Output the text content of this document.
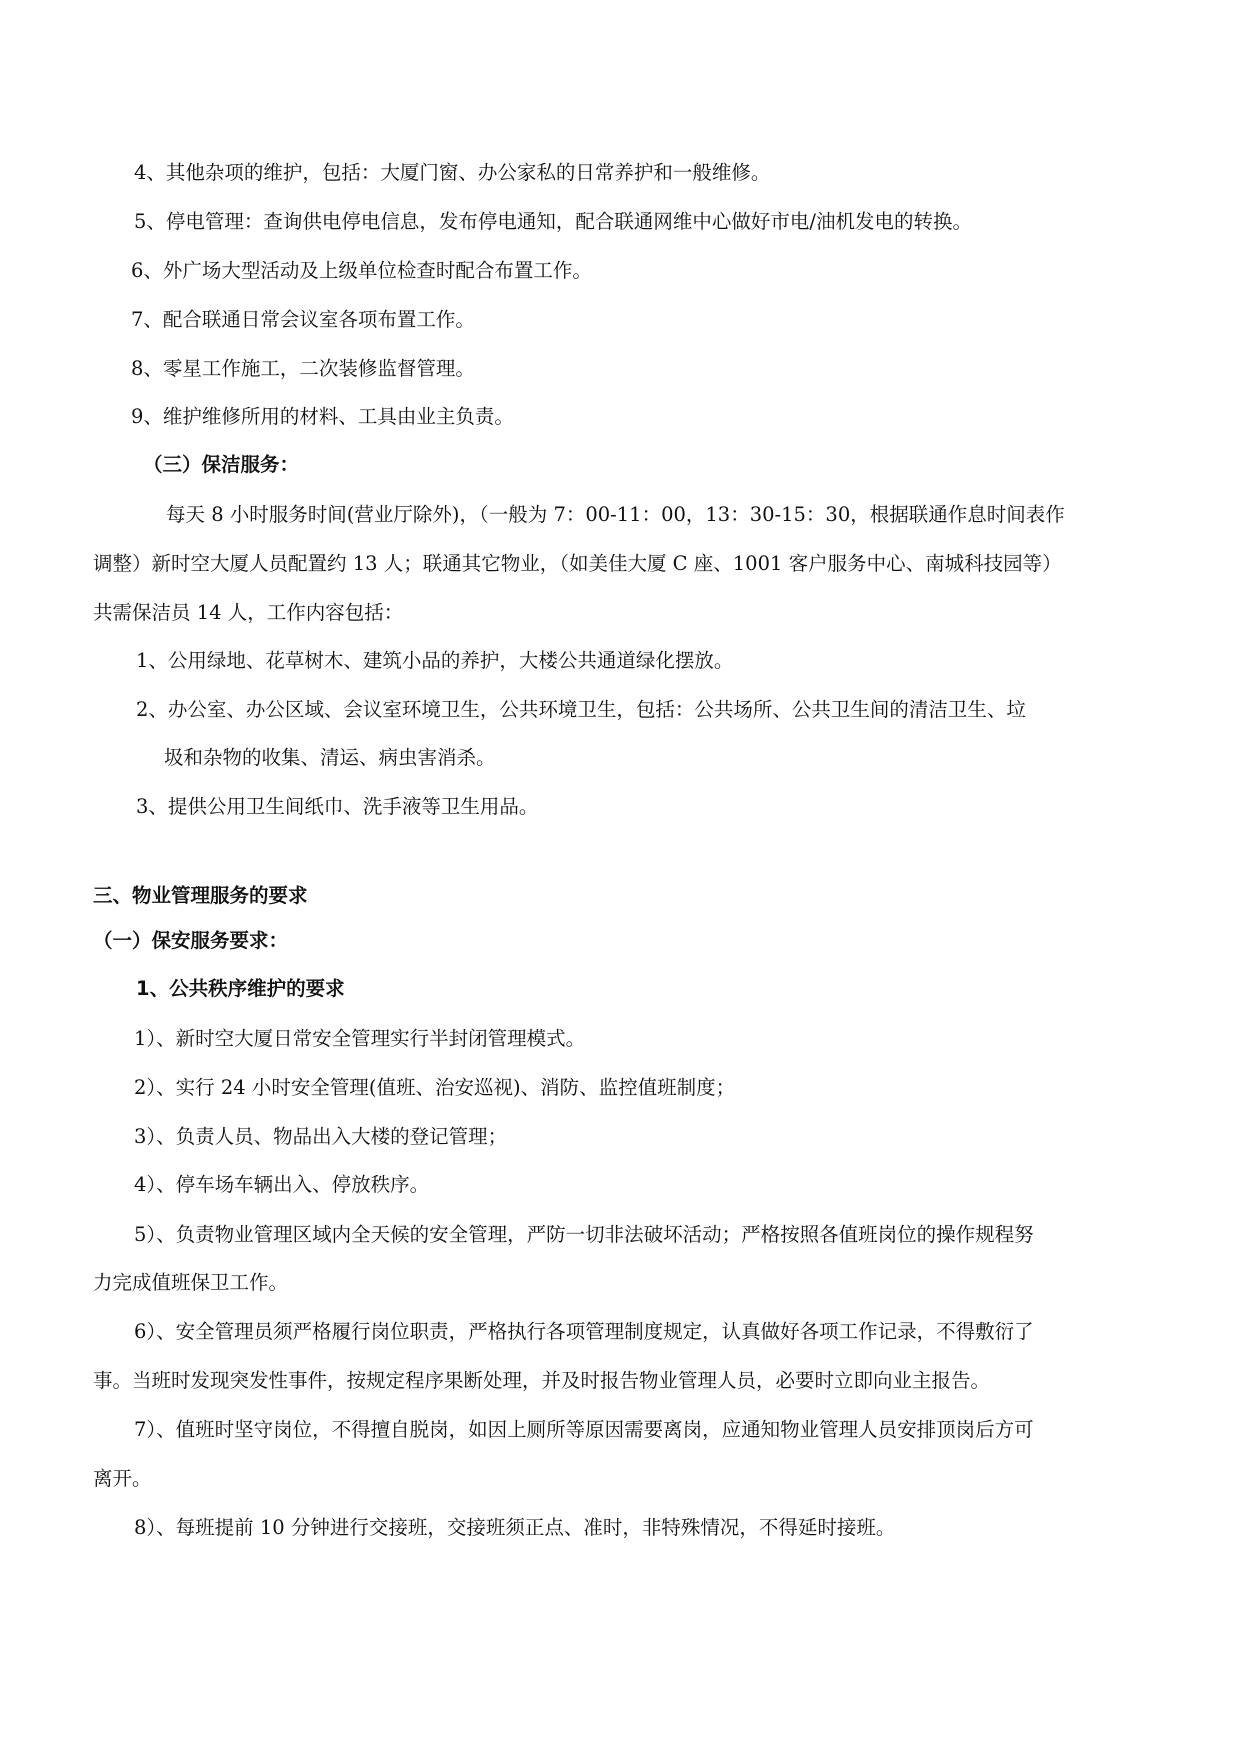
4、其他杂项的维护，包括：大厦门窗、办公家私的日常养护和一般维修。
5、停电管理：查询供电停电信息，发布停电通知，配合联通网维中心做好市电/油机发电的转换。
6、外广场大型活动及上级单位检查时配合布置工作。
7、配合联通日常会议室各项布置工作。
8、零星工作施工，二次装修监督管理。
9、维护维修所用的材料、工具由业主负责。
（三）保洁服务：
每天 8 小时服务时间(营业厅除外)，（一般为 7：00-11：00，13：30-15：30，根据联通作息时间表作
调整）新时空大厦人员配置约 13 人；联通其它物业，（如美佳大厦 C 座、1001 客户服务中心、南城科技园等）
共需保洁员 14 人，工作内容包括：
1、公用绿地、花草树木、建筑小品的养护，大楼公共通道绿化摆放。
2、办公室、办公区域、会议室环境卫生，公共环境卫生，包括：公共场所、公共卫生间的清洁卫生、垃
圾和杂物的收集、清运、病虫害消杀。
3、提供公用卫生间纸巾、洗手液等卫生用品。
三、物业管理服务的要求
（一）保安服务要求：
1、公共秩序维护的要求
1）、新时空大厦日常安全管理实行半封闭管理模式。
2）、实行 24 小时安全管理(值班、治安巡视)、消防、监控值班制度；
3）、负责人员、物品出入大楼的登记管理；
4）、停车场车辆出入、停放秩序。
5）、负责物业管理区域内全天候的安全管理，严防一切非法破坏活动；严格按照各值班岗位的操作规程努
力完成值班保卫工作。
6）、安全管理员须严格履行岗位职责，严格执行各项管理制度规定，认真做好各项工作记录，不得敷衍了
事。当班时发现突发性事件，按规定程序果断处理，并及时报告物业管理人员，必要时立即向业主报告。
7）、值班时坚守岗位，不得擅自脱岗，如因上厕所等原因需要离岗，应通知物业管理人员安排顶岗后方可
离开。
8）、每班提前 10 分钟进行交接班，交接班须正点、准时，非特殊情况，不得延时接班。
